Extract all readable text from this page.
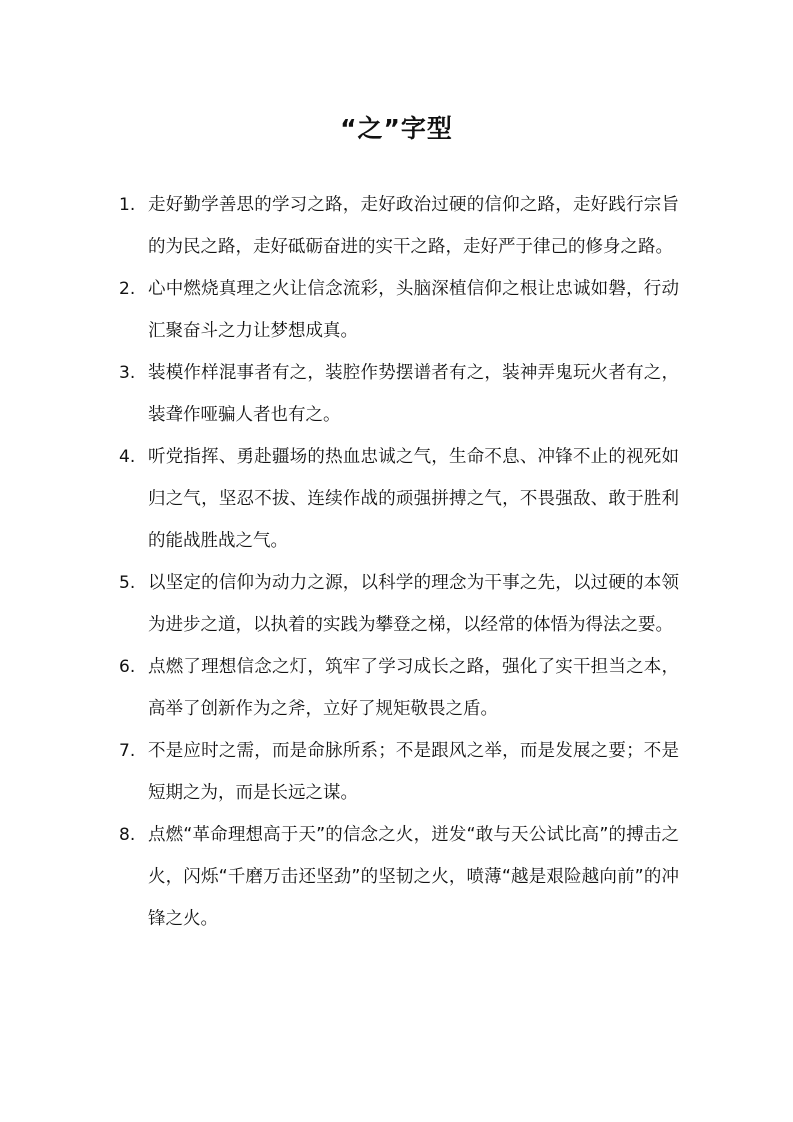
“之”字型
1. 走好勤学善思的学习之路，走好政治过硬的信仰之路，走好践行宗旨的为民之路，走好砥砺奋进的实干之路，走好严于律己的修身之路。
2. 心中燃烧真理之火让信念流彩，头脑深植信仰之根让忠诚如磐，行动汇聚奋斗之力让梦想成真。
3. 装模作样混事者有之，装腔作势摆谱者有之，装神弄鬼玩火者有之，装聋作哑骗人者也有之。
4. 听党指挥、勇赴疆场的热血忠诚之气，生命不息、冲锋不止的视死如归之气，坚忍不拔、连续作战的顽强拼搏之气，不畏强敌、敢于胜利的能战胜战之气。
5. 以坚定的信仰为动力之源，以科学的理念为干事之先，以过硬的本领为进步之道，以执着的实践为攀登之梯，以经常的体悟为得法之要。
6. 点燃了理想信念之灯，筑牢了学习成长之路，强化了实干担当之本，高举了创新作为之斧，立好了规矩敬畏之盾。
7. 不是应时之需，而是命脉所系；不是跟风之举，而是发展之要；不是短期之为，而是长远之谋。
8. 点燃“革命理想高于天”的信念之火，迸发“敢与天公试比高”的搏击之火，闪烁“千磨万击还坚劲”的坚韧之火，喷薄“越是艰险越向前”的冲锋之火。
